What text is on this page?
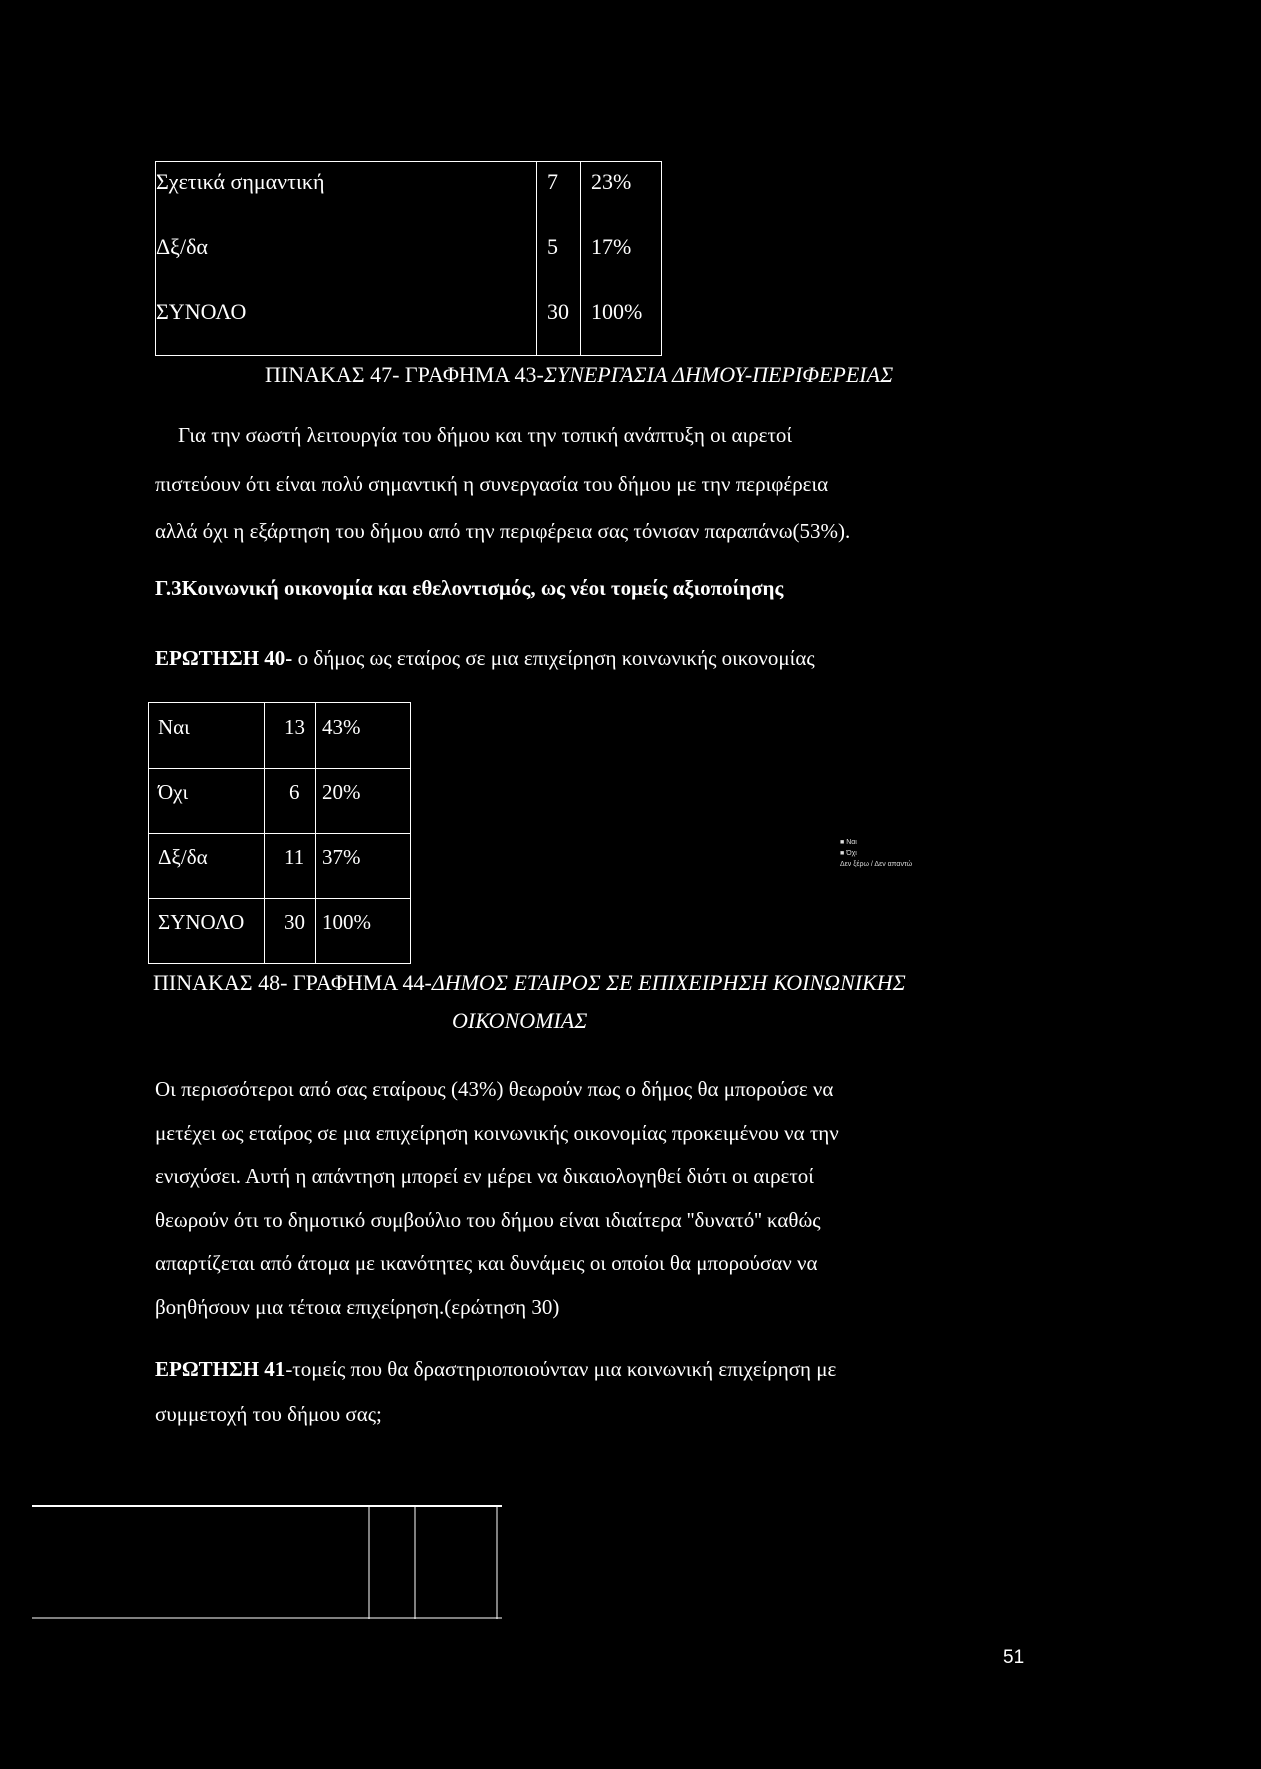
Σχετικά σημαντική	7 23%
Δξ/δα	5 17%
ΣΥΝΟΛΟ	30 100%
ΠΙΝΑΚΑΣ 47- ΓΡΑΦΗΜΑ 43-ΣΥΝΕΡΓΑΣΙΑ ΔΗΜΟΥ-ΠΕΡΙΦΕΡΕΙΑΣ
Για την σωστή λειτουργία του δήμου και την τοπική ανάπτυξη οι αιρετοί
πιστεύουν ότι είναι πολύ σημαντική η συνεργασία του δήμου με την περιφέρεια
αλλά όχι η εξάρτηση του δήμου από την περιφέρεια σας τόνισαν παραπάνω(53%).
Γ.3Κοινωνική οικονομία και εθελοντισμός, ως νέοι τομείς αξιοποίησης
ΕΡΩΤΗΣΗ 40- ο δήμος ως εταίρος σε μια επιχείρηση κοινωνικής οικονομίας
Ναι	13 43%
Όχι	6 20%
Δξ/δα	11 37%
ΣΥΝΟΛΟ 30 100%
■ Ναι
■ Όχι
Δεν ξέρω / Δεν απαντώ
ΠΙΝΑΚΑΣ 48- ΓΡΑΦΗΜΑ 44-ΔΗΜΟΣ ΕΤΑΙΡΟΣ ΣΕ ΕΠΙΧΕΙΡΗΣΗ ΚΟΙΝΩΝΙΚΗΣ
ΟΙΚΟΝΟΜΙΑΣ
Οι περισσότεροι από σας εταίρους (43%) θεωρούν πως ο δήμος θα μπορούσε να
μετέχει ως εταίρος σε μια επιχείρηση κοινωνικής οικονομίας προκειμένου να την
ενισχύσει. Αυτή η απάντηση μπορεί εν μέρει να δικαιολογηθεί διότι οι αιρετοί
θεωρούν ότι το δημοτικό συμβούλιο του δήμου είναι ιδιαίτερα ''δυνατό'' καθώς
απαρτίζεται από άτομα με ικανότητες και δυνάμεις οι οποίοι θα μπορούσαν να
βοηθήσουν μια τέτοια επιχείρηση.(ερώτηση 30)
ΕΡΩΤΗΣΗ 41-τομείς που θα δραστηριοποιούνταν μια κοινωνική επιχείρηση με
συμμετοχή του δήμου σας;
51
